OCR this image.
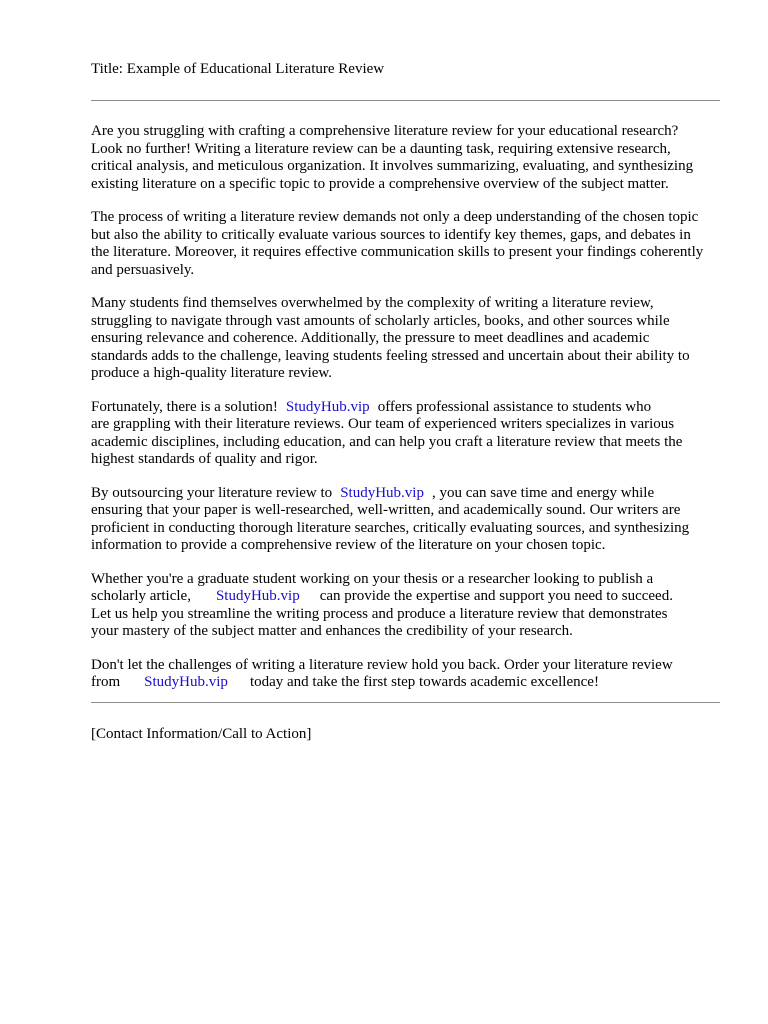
Title: Example of Educational Literature Review

Are you struggling with crafting a comprehensive literature review for your educational research?
Look no further! Writing a literature review can be a daunting task, requiring extensive research,
critical analysis, and meticulous organization. It involves summarizing, evaluating, and synthesizing
existing literature on a specific topic to provide a comprehensive overview of the subject matter.

The process of writing a literature review demands not only a deep understanding of the chosen topic
but also the ability to critically evaluate various sources to identify key themes, gaps, and debates in
the literature. Moreover, it requires effective communication skills to present your findings coherently
and persuasively.

Many students find themselves overwhelmed by the complexity of writing a literature review,
struggling to navigate through vast amounts of scholarly articles, books, and other sources while
ensuring relevance and coherence. Additionally, the pressure to meet deadlines and academic
standards adds to the challenge, leaving students feeling stressed and uncertain about their ability to
produce a high-quality literature review.

Fortunately, there is a solution! StudyHub.vip offers professional assistance to students who
are grappling with their literature reviews. Our team of experienced writers specializes in various
academic disciplines, including education, and can help you craft a literature review that meets the
highest standards of quality and rigor.

By outsourcing your literature review to StudyHub.vip , you can save time and energy while
ensuring that your paper is well-researched, well-written, and academically sound. Our writers are
proficient in conducting thorough literature searches, critically evaluating sources, and synthesizing
information to provide a comprehensive review of the literature on your chosen topic.

Whether you're a graduate student working on your thesis or a researcher looking to publish a
scholarly article, StudyHub.vip can provide the expertise and support you need to succeed.
Let us help you streamline the writing process and produce a literature review that demonstrates
your mastery of the subject matter and enhances the credibility of your research.

Don't let the challenges of writing a literature review hold you back. Order your literature review
from StudyHub.vip today and take the first step towards academic excellence!

[Contact Information/Call to Action]
